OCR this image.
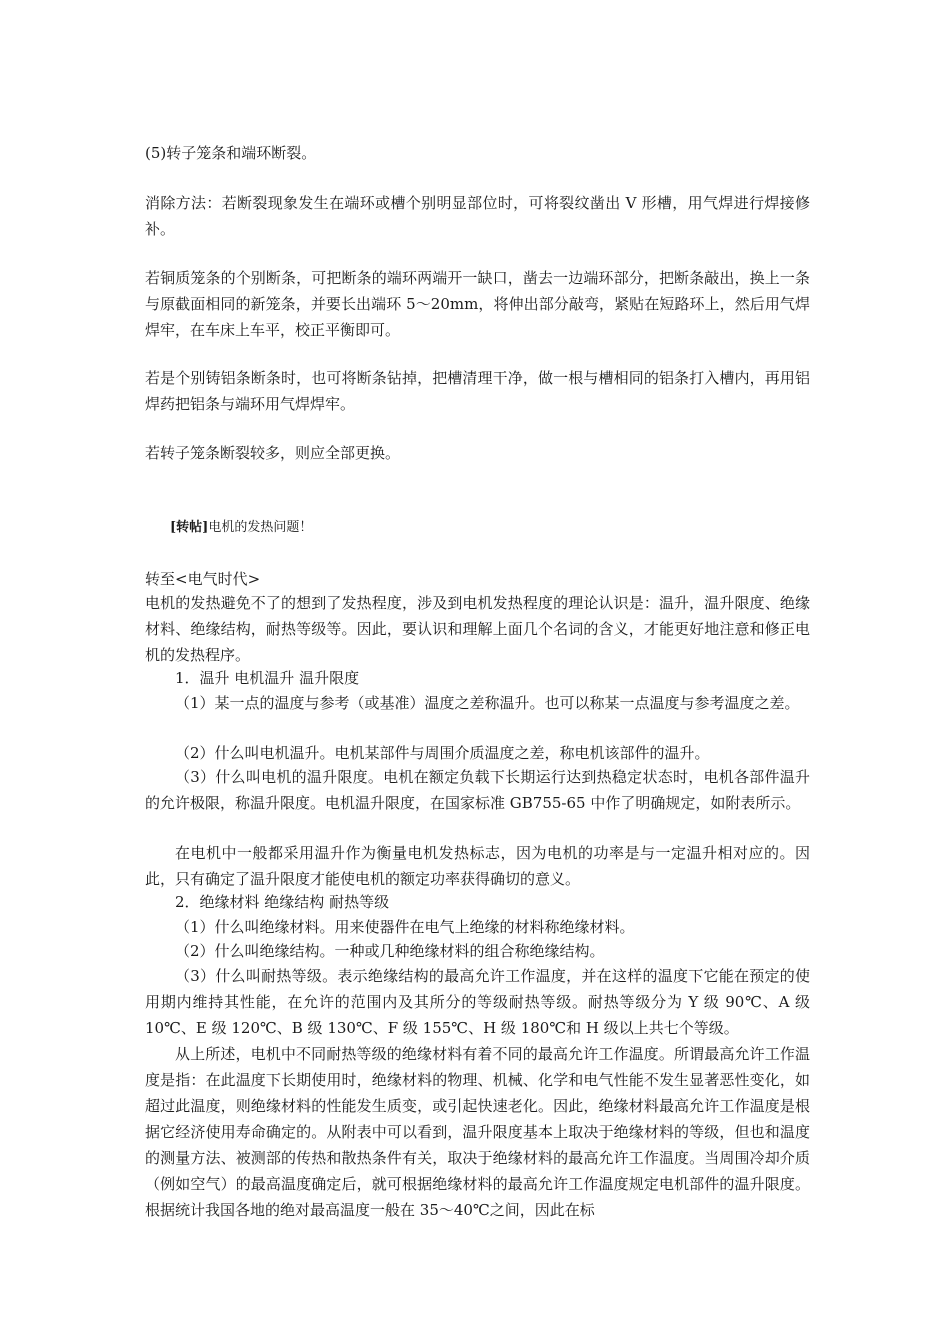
(5)转子笼条和端环断裂。

消除方法：若断裂现象发生在端环或槽个别明显部位时，可将裂纹凿出 V 形槽，用气焊进行焊接修补。

若铜质笼条的个别断条，可把断条的端环两端开一缺口，凿去一边端环部分，把断条敲出，换上一条与原截面相同的新笼条，并要长出端环 5～20mm，将伸出部分敲弯，紧贴在短路环上，然后用气焊焊牢，在车床上车平，校正平衡即可。

若是个别铸铝条断条时，也可将断条钻掉，把槽清理干净，做一根与槽相同的铝条打入槽内，再用铝焊药把铝条与端环用气焊焊牢。

若转子笼条断裂较多，则应全部更换。

[转帖]电机的发热问题！

转至<电气时代>

电机的发热避免不了的想到了发热程度，涉及到电机发热程度的理论认识是：温升，温升限度、绝缘材料、绝缘结构，耐热等级等。因此，要认识和理解上面几个名词的含义，才能更好地注意和修正电机的发热程序。

1．温升 电机温升 温升限度

（1）某一点的温度与参考（或基准）温度之差称温升。也可以称某一点温度与参考温度之差。

（2）什么叫电机温升。电机某部件与周围介质温度之差，称电机该部件的温升。

（3）什么叫电机的温升限度。电机在额定负载下长期运行达到热稳定状态时，电机各部件温升的允许极限，称温升限度。电机温升限度，在国家标准 GB755-65 中作了明确规定，如附表所示。

在电机中一般都采用温升作为衡量电机发热标志，因为电机的功率是与一定温升相对应的。因此，只有确定了温升限度才能使电机的额定功率获得确切的意义。

2．绝缘材料 绝缘结构 耐热等级

（1）什么叫绝缘材料。用来使器件在电气上绝缘的材料称绝缘材料。

（2）什么叫绝缘结构。一种或几种绝缘材料的组合称绝缘结构。

（3）什么叫耐热等级。表示绝缘结构的最高允许工作温度，并在这样的温度下它能在预定的使用期内维持其性能，在允许的范围内及其所分的等级耐热等级。耐热等级分为 Y 级 90℃、A 级 10℃、E 级 120℃、B 级 130℃、F 级 155℃、H 级 180℃和 H 级以上共七个等级。

从上所述，电机中不同耐热等级的绝缘材料有着不同的最高允许工作温度。所谓最高允许工作温度是指：在此温度下长期使用时，绝缘材料的物理、机械、化学和电气性能不发生显著恶性变化，如超过此温度，则绝缘材料的性能发生质变，或引起快速老化。因此，绝缘材料最高允许工作温度是根据它经济使用寿命确定的。从附表中可以看到，温升限度基本上取决于绝缘材料的等级，但也和温度的测量方法、被测部的传热和散热条件有关，取决于绝缘材料的最高允许工作温度。当周围冷却介质（例如空气）的最高温度确定后，就可根据绝缘材料的最高允许工作温度规定电机部件的温升限度。根据统计我国各地的绝对最高温度一般在 35～40℃之间，因此在标
